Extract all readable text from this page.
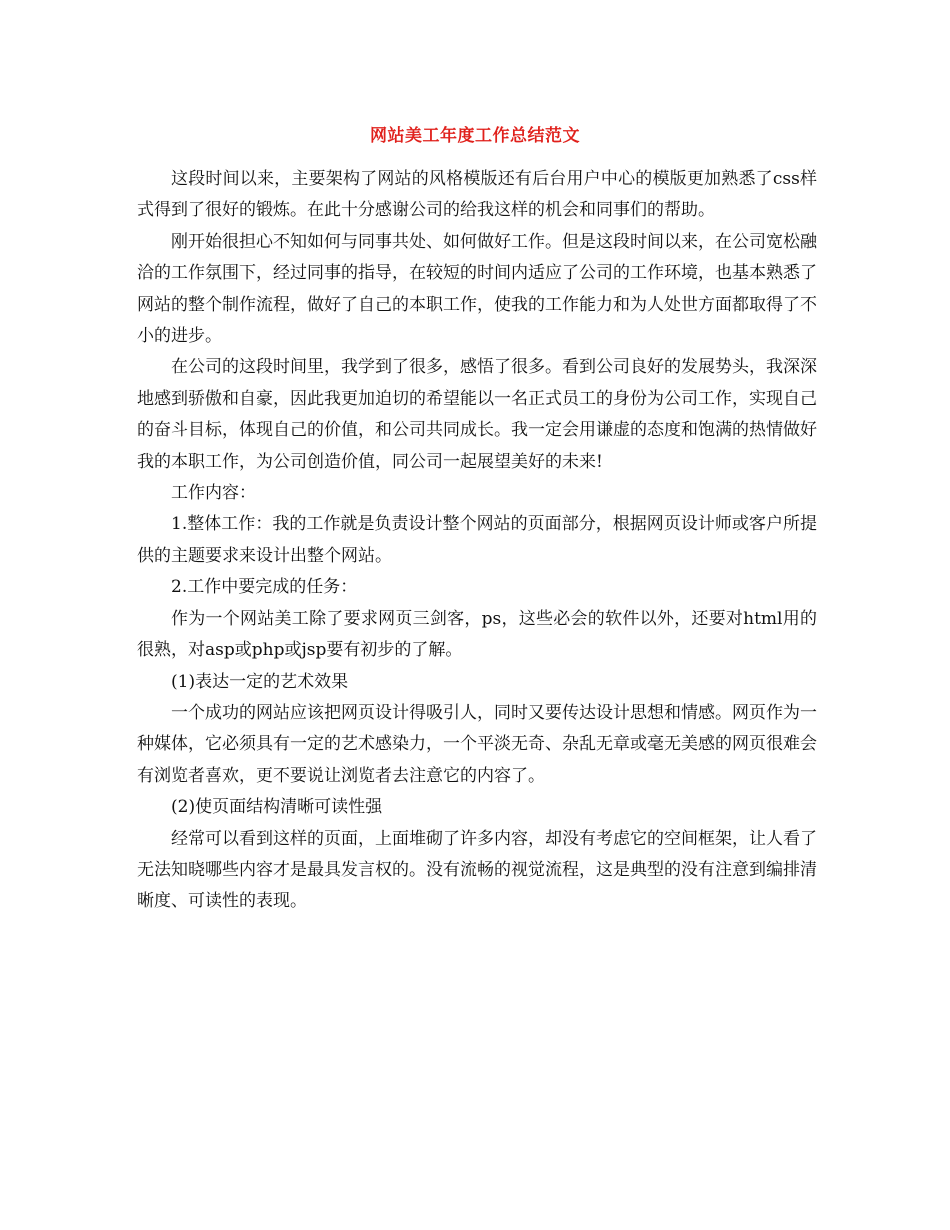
网站美工年度工作总结范文

这段时间以来，主要架构了网站的风格模版还有后台用户中心的模版更加熟悉了css样式得到了很好的锻炼。在此十分感谢公司的给我这样的机会和同事们的帮助。

刚开始很担心不知如何与同事共处、如何做好工作。但是这段时间以来，在公司宽松融洽的工作氛围下，经过同事的指导，在较短的时间内适应了公司的工作环境，也基本熟悉了网站的整个制作流程，做好了自己的本职工作，使我的工作能力和为人处世方面都取得了不小的进步。

在公司的这段时间里，我学到了很多，感悟了很多。看到公司良好的发展势头，我深深地感到骄傲和自豪，因此我更加迫切的希望能以一名正式员工的身份为公司工作，实现自己的奋斗目标，体现自己的价值，和公司共同成长。我一定会用谦虚的态度和饱满的热情做好我的本职工作，为公司创造价值，同公司一起展望美好的未来!

工作内容：

1.整体工作：我的工作就是负责设计整个网站的页面部分，根据网页设计师或客户所提供的主题要求来设计出整个网站。

2.工作中要完成的任务：

作为一个网站美工除了要求网页三剑客，ps，这些必会的软件以外，还要对html用的很熟，对asp或php或jsp要有初步的了解。

(1)表达一定的艺术效果

一个成功的网站应该把网页设计得吸引人，同时又要传达设计思想和情感。网页作为一种媒体，它必须具有一定的艺术感染力，一个平淡无奇、杂乱无章或毫无美感的网页很难会有浏览者喜欢，更不要说让浏览者去注意它的内容了。

(2)使页面结构清晰可读性强

经常可以看到这样的页面，上面堆砌了许多内容，却没有考虑它的空间框架，让人看了无法知晓哪些内容才是最具发言权的。没有流畅的视觉流程，这是典型的没有注意到编排清晰度、可读性的表现。
